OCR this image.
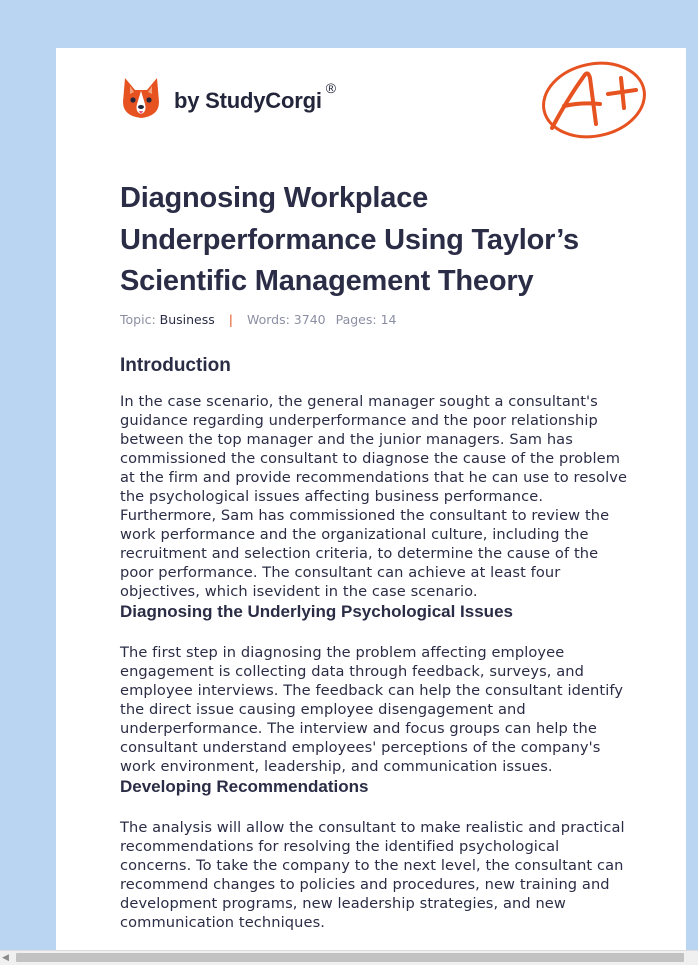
by StudyCorgi ®
Diagnosing Workplace Underperformance Using Taylor’s Scientific Management Theory
Topic: Business | Words: 3740 Pages: 14
Introduction

In the case scenario, the general manager sought a consultant's guidance regarding underperformance and the poor relationship between the top manager and the junior managers. Sam has commissioned the consultant to diagnose the cause of the problem at the firm and provide recommendations that he can use to resolve the psychological issues affecting business performance. Furthermore, Sam has commissioned the consultant to review the work performance and the organizational culture, including the recruitment and selection criteria, to determine the cause of the poor performance. The consultant can achieve at least four objectives, which isevident in the case scenario.

Diagnosing the Underlying Psychological Issues

The first step in diagnosing the problem affecting employee engagement is collecting data through feedback, surveys, and employee interviews. The feedback can help the consultant identify the direct issue causing employee disengagement and underperformance. The interview and focus groups can help the consultant understand employees' perceptions of the company's work environment, leadership, and communication issues.

Developing Recommendations

The analysis will allow the consultant to make realistic and practical recommendations for resolving the identified psychological concerns. To take the company to the next level, the consultant can recommend changes to policies and procedures, new training and development programs, new leadership strategies, and new communication techniques.

◀
